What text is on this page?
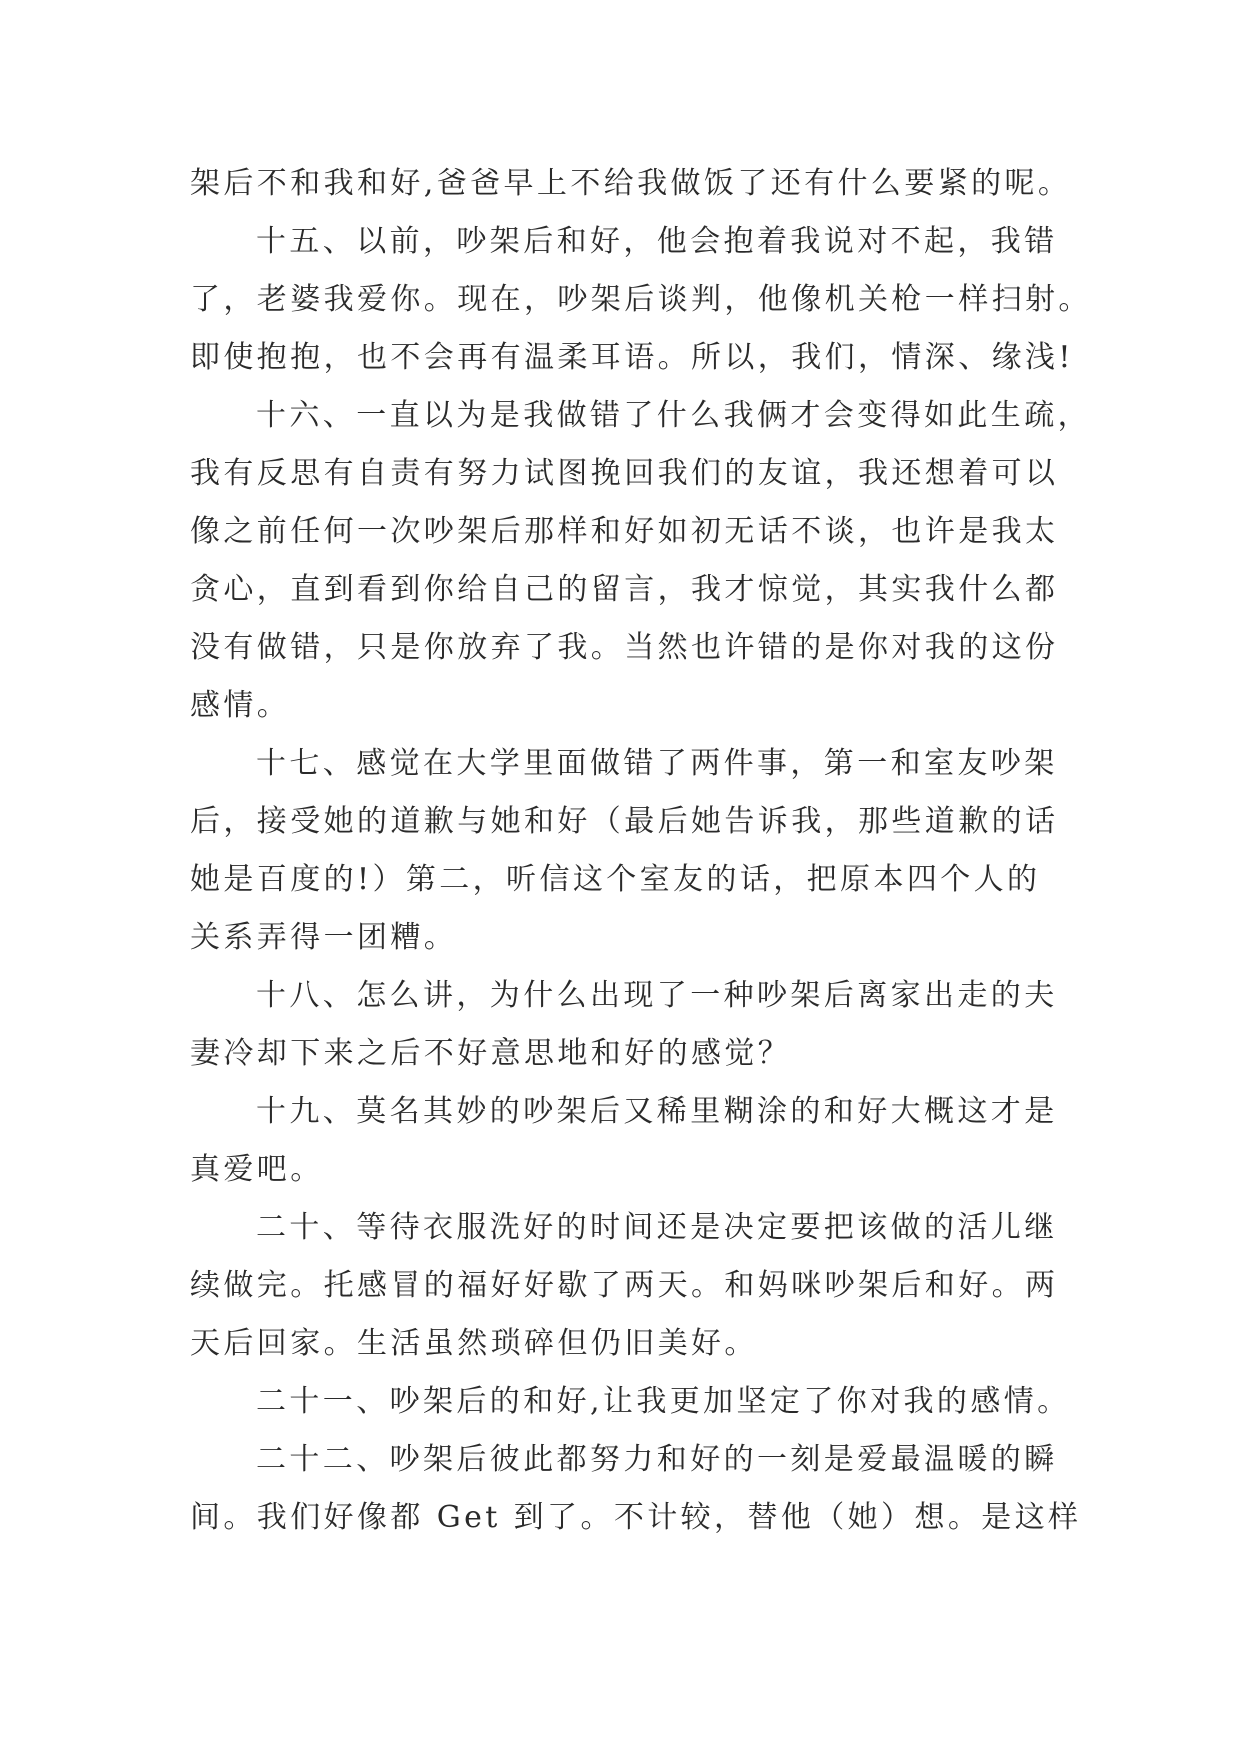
架后不和我和好,爸爸早上不给我做饭了还有什么要紧的呢。
十五、以前，吵架后和好，他会抱着我说对不起，我错
了，老婆我爱你。现在，吵架后谈判，他像机关枪一样扫射。
即使抱抱，也不会再有温柔耳语。所以，我们，情深、缘浅!
十六、一直以为是我做错了什么我俩才会变得如此生疏，
我有反思有自责有努力试图挽回我们的友谊，我还想着可以
像之前任何一次吵架后那样和好如初无话不谈，也许是我太
贪心，直到看到你给自己的留言，我才惊觉，其实我什么都
没有做错，只是你放弃了我。当然也许错的是你对我的这份
感情。
十七、感觉在大学里面做错了两件事，第一和室友吵架
后，接受她的道歉与她和好（最后她告诉我，那些道歉的话
她是百度的!）第二，听信这个室友的话，把原本四个人的
关系弄得一团糟。
十八、怎么讲，为什么出现了一种吵架后离家出走的夫
妻冷却下来之后不好意思地和好的感觉？
十九、莫名其妙的吵架后又稀里糊涂的和好大概这才是
真爱吧。
二十、等待衣服洗好的时间还是决定要把该做的活儿继
续做完。托感冒的福好好歇了两天。和妈咪吵架后和好。两
天后回家。生活虽然琐碎但仍旧美好。
二十一、吵架后的和好,让我更加坚定了你对我的感情。
二十二、吵架后彼此都努力和好的一刻是爱最温暖的瞬
间。我们好像都 Get 到了。不计较，替他（她）想。是这样
